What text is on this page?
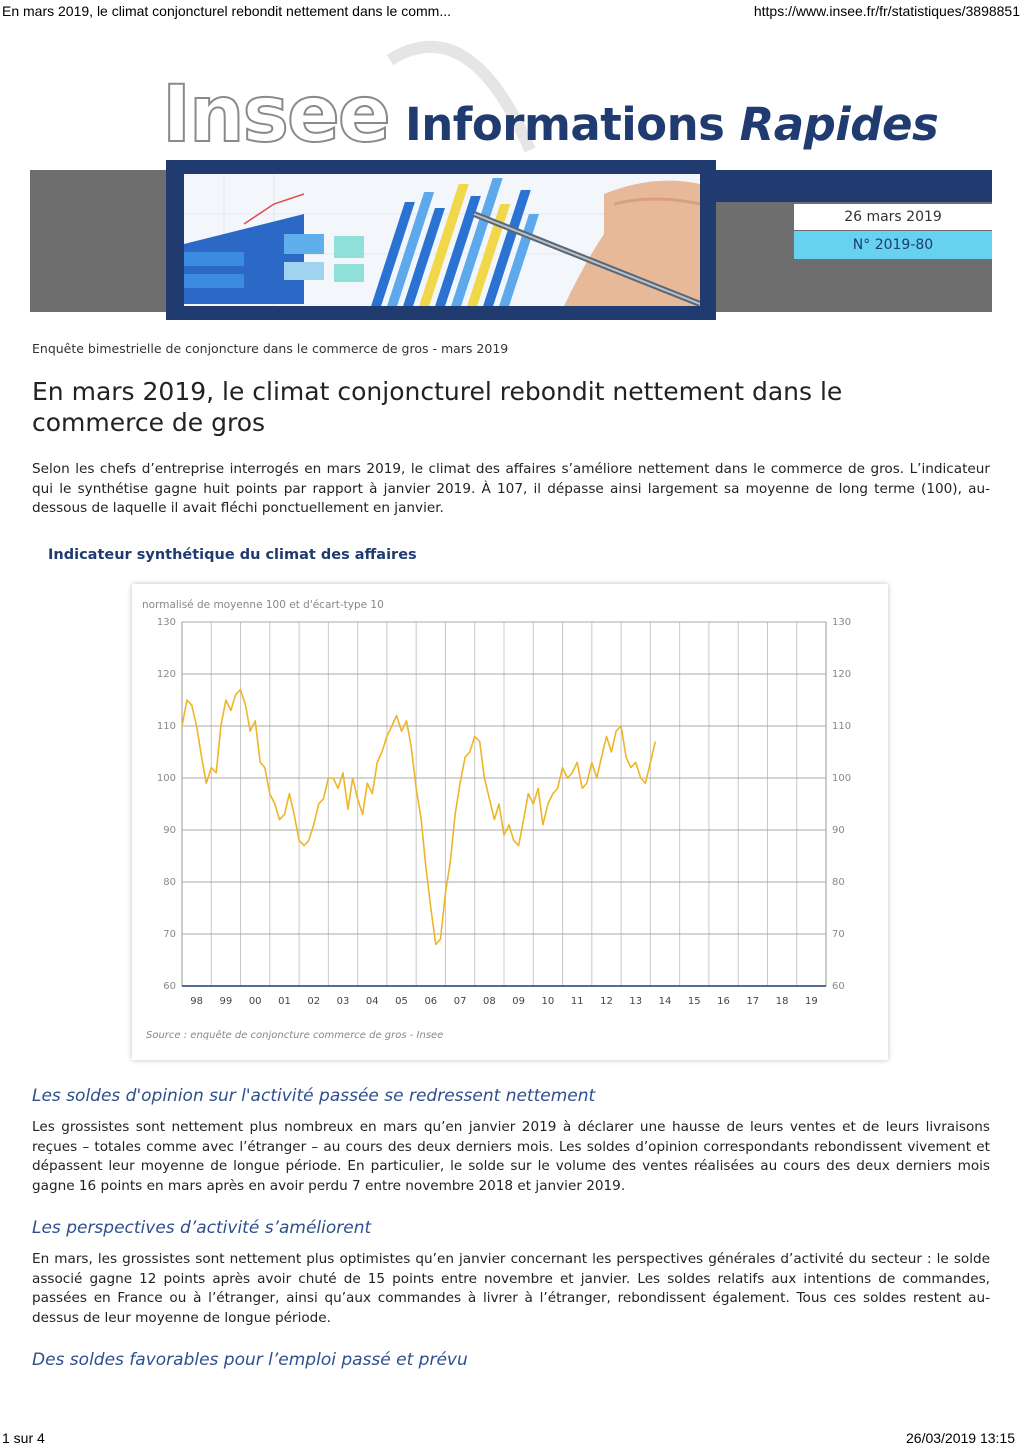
En mars 2019, le climat conjoncturel rebondit nettement dans le comm...	https://www.insee.fr/fr/statistiques/3898851
Insee Informations Rapides
26 mars 2019
N° 2019-80
Enquête bimestrielle de conjoncture dans le commerce de gros - mars 2019
En mars 2019, le climat conjoncturel rebondit nettement dans le commerce de gros

Selon les chefs d’entreprise interrogés en mars 2019, le climat des affaires s’améliore nettement dans le commerce de gros. L’indicateur qui le synthétise gagne huit points par rapport à janvier 2019. À 107, il dépasse ainsi largement sa moyenne de long terme (100), au-dessous de laquelle il avait fléchi ponctuellement en janvier.

Indicateur synthétique du climat des affaires
60	60
70	70
80	80
90	90
100	100
110	110
120	120
130	130
98 99 00 01 02 03 04 05 06 07 08 09 10 11 12 13 14 15 16 17 18 19
normalisé de moyenne 100 et d'écart-type 10
Source : enquête de conjoncture commerce de gros - Insee
Les soldes d'opinion sur l'activité passée se redressent nettement

Les grossistes sont nettement plus nombreux en mars qu’en janvier 2019 à déclarer une hausse de leurs ventes et de leurs livraisons reçues – totales comme avec l’étranger – au cours des deux derniers mois. Les soldes d’opinion correspondants rebondissent vivement et dépassent leur moyenne de longue période. En particulier, le solde sur le volume des ventes réalisées au cours des deux derniers mois gagne 16 points en mars après en avoir perdu 7 entre novembre 2018 et janvier 2019.

Les perspectives d’activité s’améliorent

En mars, les grossistes sont nettement plus optimistes qu’en janvier concernant les perspectives générales d’activité du secteur : le solde associé gagne 12 points après avoir chuté de 15 points entre novembre et janvier. Les soldes relatifs aux intentions de commandes, passées en France ou à l’étranger, ainsi qu’aux commandes à livrer à l’étranger, rebondissent également. Tous ces soldes restent au-dessus de leur moyenne de longue période.

Des soldes favorables pour l’emploi passé et prévu
1 sur 4	26/03/2019 13:15
